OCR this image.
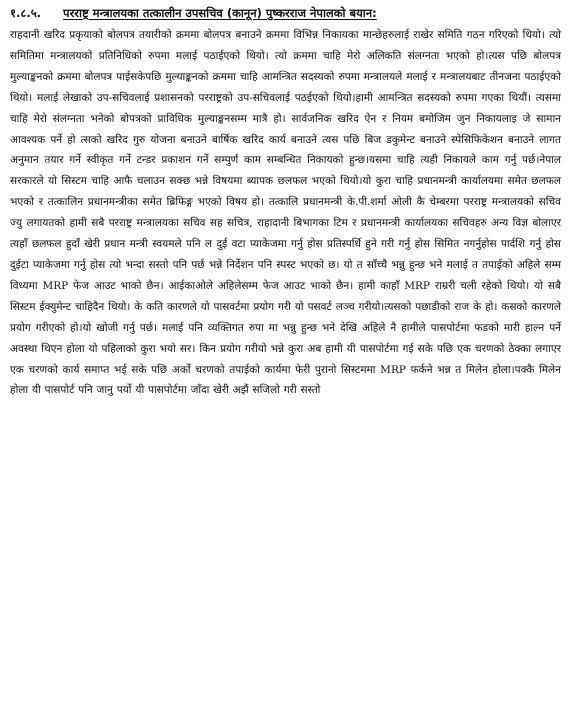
१.८.५. परराष्ट्र मन्त्रालयका तत्कालीन उपसचिव (कानून) पुष्करराज नेपालको बयान:

राहदानी खरिद प्रकृयाको बोलपत्र तयारीको क्रममा बोलपत्र बनाउने क्रममा विभिन्न निकायका मान्छेहरुलाई राखेर समिति गठन गरिएको थियो। त्यो समितिमा मन्त्रालयको प्रतिनिधिको रुपमा मलाई पठाईएको थियो। त्यो क्रममा चाहि मेरो अलिकति संलग्नता भएको हो।त्यस पछि बोलपत्र मुल्याङ्कनको क्रममा बोलपत्र पाईसकेपछि मुल्याङ्कनको क्रममा चाहि आमन्त्रित सदस्यको रुपमा मन्त्रालयले मलाई र मन्त्रालयबाट तीनजना पठाईएको थियो। मलाई लेखाको उप-सचिवलाई प्रशासनको परराष्ट्रको उप-सचिवलाई पठईएको थियो।हामी आमन्त्रित सदस्यको रुपमा गएका थियौं। त्यसमा चाहि मेरो संलग्नता भनेको बोपत्रको प्राविधिक मुल्याङ्कनसम्म मात्रै हो। सार्वजनिक खरिद ऐन र नियम बमोजिम जुन निकायलाइ जे सामान आवश्यक पर्ने हो त्सको खरिद गुरु योजना बनाउने बार्षिक खरिद कार्य बनाउने त्यस पछि बिज डकुमेन्ट बनाउने स्पेसिफिकेशन बनाउने लागत अनुमान तयार गर्ने स्वीकृत गर्ने टन्डर प्रकाशन गर्ने सम्पुर्ण काम सम्बन्धित निकायको हुन्छ।यसमा चाहि त्यही निकायले काम गर्नु पर्छ।नेपाल सरकारले यो सिस्टम चाहि आफै चलाउन सक्छ भन्ने विषयमा ब्यापक छलफल भएको थियो।यो कुरा चाहि प्रधानमन्त्री कार्यालयमा समेत छलफल भएको र तत्कालिन प्रधानमन्त्रीका समेत ब्रिफिङ्ग भएको विषय हो। तत्कालि प्रधानमन्त्री के.पी.शर्मा ओली कै चेम्बरमा परराष्ट्र मन्त्रालयको सचिव ज्यु लगायतको हामी सबै परराष्ट्र मन्त्रालयका सचिव सह सचित्र, राहादानी बिभागका टिम र प्रधानमन्त्री कार्यालयका सचिवहरु अन्य विज्ञ बोलाएर त्यहाँ छलफल हुदाँ खेरी प्रधान मन्त्री स्वयमले पनि ल दुई वटा प्याकेजमा गर्नु होस प्रतिस्पर्धि हुने गरी गर्नु होस सिमित नगर्नुहोस पार्दशि गर्नु होस दुईटा प्याकेजमा गर्नु होस त्यो भन्दा सस्तो पनि पर्छ भन्ने निर्देशन पनि स्पस्ट भएको छ। यो त साँच्चै भन्नु हुन्छ भने मलाई त तपाईको अहिले सम्म विध्यमा MRP फेज आउट भाको छैन। आईकाओले अहिलेसम्म फेज आउट भाको छैन। हामी काहाँ MRP राम्ररी चली रहेको थियो। यो सबै सिस्टम ईक्युमेन्ट चाहिदैन थियो। के कति कारणले यो पासवर्टमा प्रयोग गरी यो पसवर्ट लञ्च गरीयो।त्यसको पछाडीको राज के हो। कसको कारणले प्रयोग गरीएको हो।यो खोजी गर्नु पर्छ। मलाई पनि व्यक्तिगत रुपा मा भन्नु हुन्छ भने देखि अहिले नै हामीले पासपोर्टमा फडको मारी हाल्न पर्ने अवस्था थिएन होला यो पहिलाको कुरा भयो सर। किन प्रयोग गरीयो भन्ने कुरा अब हामी यी पासपोर्टमा गई सके पछि एक चरणको ठेक्का लगाएर एक चरणको कार्य समाप्त भई सके पछि अर्को चरणको तपाईको कार्यमा फेरी पुरानो सिस्टममा MRP फर्कने भन्न त मिलेन होला।पक्कै मिलेन होला यी पासपोर्ट पनि जानु पर्यो यी पासपोर्टमा जाँदा खेरी अझैं सजिलो गरी सस्तो
